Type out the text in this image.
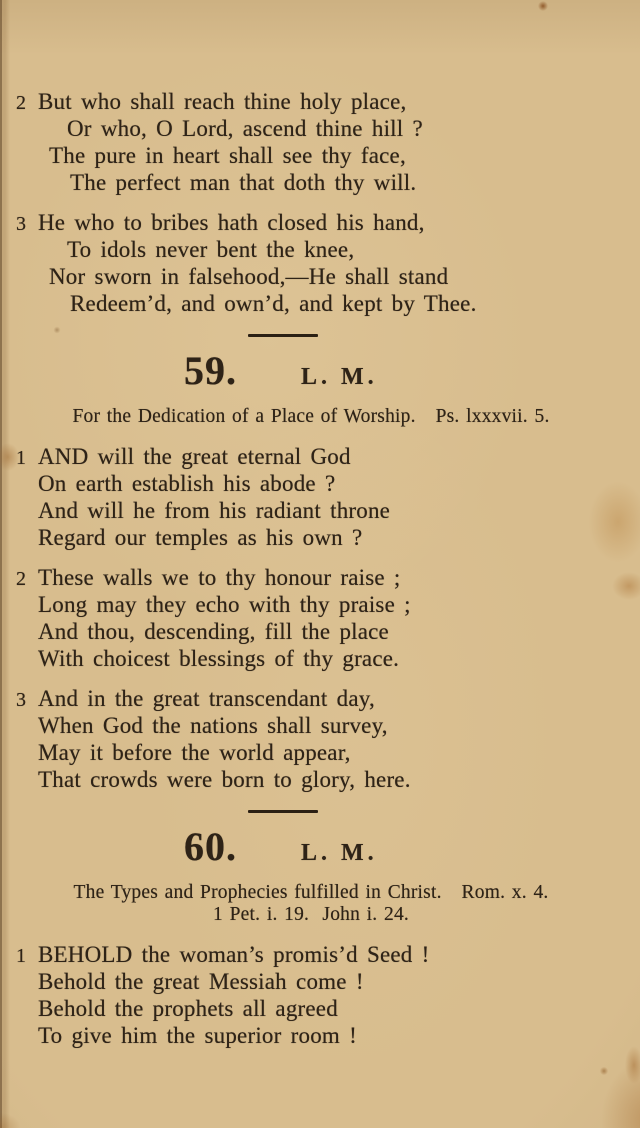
2 But who shall reach thine holy place,
Or who, O Lord, ascend thine hill ?
The pure in heart shall see thy face,
The perfect man that doth thy will.
3 He who to bribes hath closed his hand,
To idols never bent the knee,
Nor sworn in falsehood,—He shall stand
Redeem’d, and own’d, and kept by Thee.
59.	L. M.
For the Dedication of a Place of Worship.   Ps. lxxxvii. 5.
1 AND will the great eternal God
On earth establish his abode ?
And will he from his radiant throne
Regard our temples as his own ?
2 These walls we to thy honour raise ;
Long may they echo with thy praise ;
And thou, descending, fill the place
With choicest blessings of thy grace.
3 And in the great transcendant day,
When God the nations shall survey,
May it before the world appear,
That crowds were born to glory, here.
60.	L. M.
The Types and Prophecies fulfilled in Christ.   Rom. x. 4.
1 Pet. i. 19.  John i. 24.
1 BEHOLD the woman’s promis’d Seed !
Behold the great Messiah come !
Behold the prophets all agreed
To give him the superior room !
